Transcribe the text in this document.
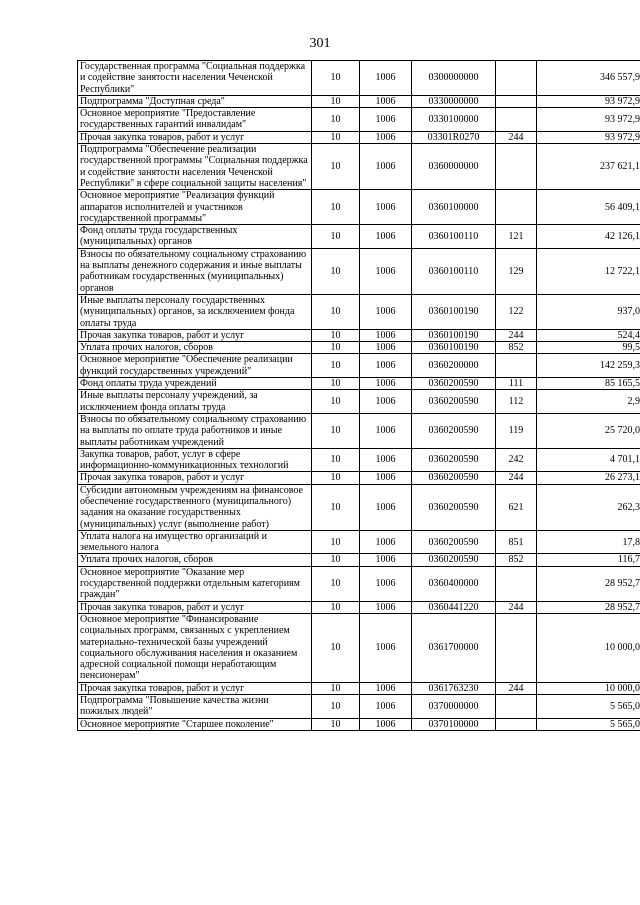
301
Государственная программа "Социальная поддержка и содействие занятости населения Чеченской Республики"	10	1006	0300000000		346 557,9
Подпрограмма "Доступная среда"	10	1006	0330000000		93 972,9
Основное мероприятие "Предоставление государственных гарантий инвалидам"	10	1006	0330100000		93 972,9
Прочая закупка товаров, работ и услуг	10	1006	03301R0270	244	93 972,9
Подпрограмма "Обеспечение реализации государственной программы "Социальная поддержка и содействие занятости населения Чеченской Республики" в сфере социальной защиты населения"	10	1006	0360000000		237 621,1
Основное мероприятие "Реализация функций аппаратов исполнителей и участников государственной программы"	10	1006	0360100000		56 409,1
Фонд оплаты труда государственных (муниципальных) органов	10	1006	0360100110	121	42 126,1
Взносы по обязательному социальному страхованию на выплаты денежного содержания и иные выплаты работникам государственных (муниципальных) органов	10	1006	0360100110	129	12 722,1
Иные выплаты персоналу государственных (муниципальных) органов, за исключением фонда оплаты труда	10	1006	0360100190	122	937,0
Прочая закупка товаров, работ и услуг	10	1006	0360100190	244	524,4
Уплата прочих налогов, сборов	10	1006	0360100190	852	99,5
Основное мероприятие "Обеспечение реализации функций государственных учреждений"	10	1006	0360200000		142 259,3
Фонд оплаты труда учреждений	10	1006	0360200590	111	85 165,5
Иные выплаты персоналу учреждений, за исключением фонда оплаты труда	10	1006	0360200590	112	2,9
Взносы по обязательному социальному страхованию на выплаты по оплате труда работников и иные выплаты работникам учреждений	10	1006	0360200590	119	25 720,0
Закупка товаров, работ, услуг в сфере информационно-коммуникационных технологий	10	1006	0360200590	242	4 701,1
Прочая закупка товаров, работ и услуг	10	1006	0360200590	244	26 273,1
Субсидии автономным учреждениям на финансовое обеспечение государственного (муниципального) задания на оказание государственных (муниципальных) услуг (выполнение работ)	10	1006	0360200590	621	262,3
Уплата налога на имущество организаций и земельного налога	10	1006	0360200590	851	17,8
Уплата прочих налогов, сборов	10	1006	0360200590	852	116,7
Основное мероприятие "Оказание мер государственной поддержки отдельным категориям граждан"	10	1006	0360400000		28 952,7
Прочая закупка товаров, работ и услуг	10	1006	0360441220	244	28 952,7
Основное мероприятие "Финансирование социальных программ, связанных с укреплением материально-технической базы учреждений социального обслуживания населения и оказанием адресной социальной помощи неработающим пенсионерам"	10	1006	0361700000		10 000,0
Прочая закупка товаров, работ и услуг	10	1006	0361763230	244	10 000,0
Подпрограмма "Повышение качества жизни пожилых людей"	10	1006	0370000000		5 565,0
Основное мероприятие "Старшее поколение"	10	1006	0370100000		5 565,0
